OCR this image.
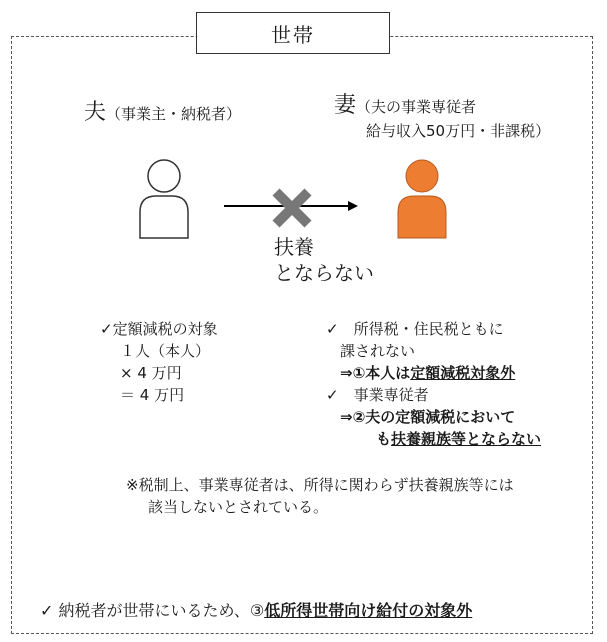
世帯
夫（事業主・納税者）	妻（夫の事業専従者
給与収入50万円・非課税）
扶養
とならない
✓定額減税の対象
１人（本人）
× 4 万円
＝ 4 万円
✓　所得税・住民税ともに
課されない
⇒①本人は定額減税対象外
✓　事業専従者
⇒②夫の定額減税において
も扶養親族等とならない
※税制上、事業専従者は、所得に関わらず扶養親族等には
該当しないとされている。
✓ 納税者が世帯にいるため、③低所得世帯向け給付の対象外
